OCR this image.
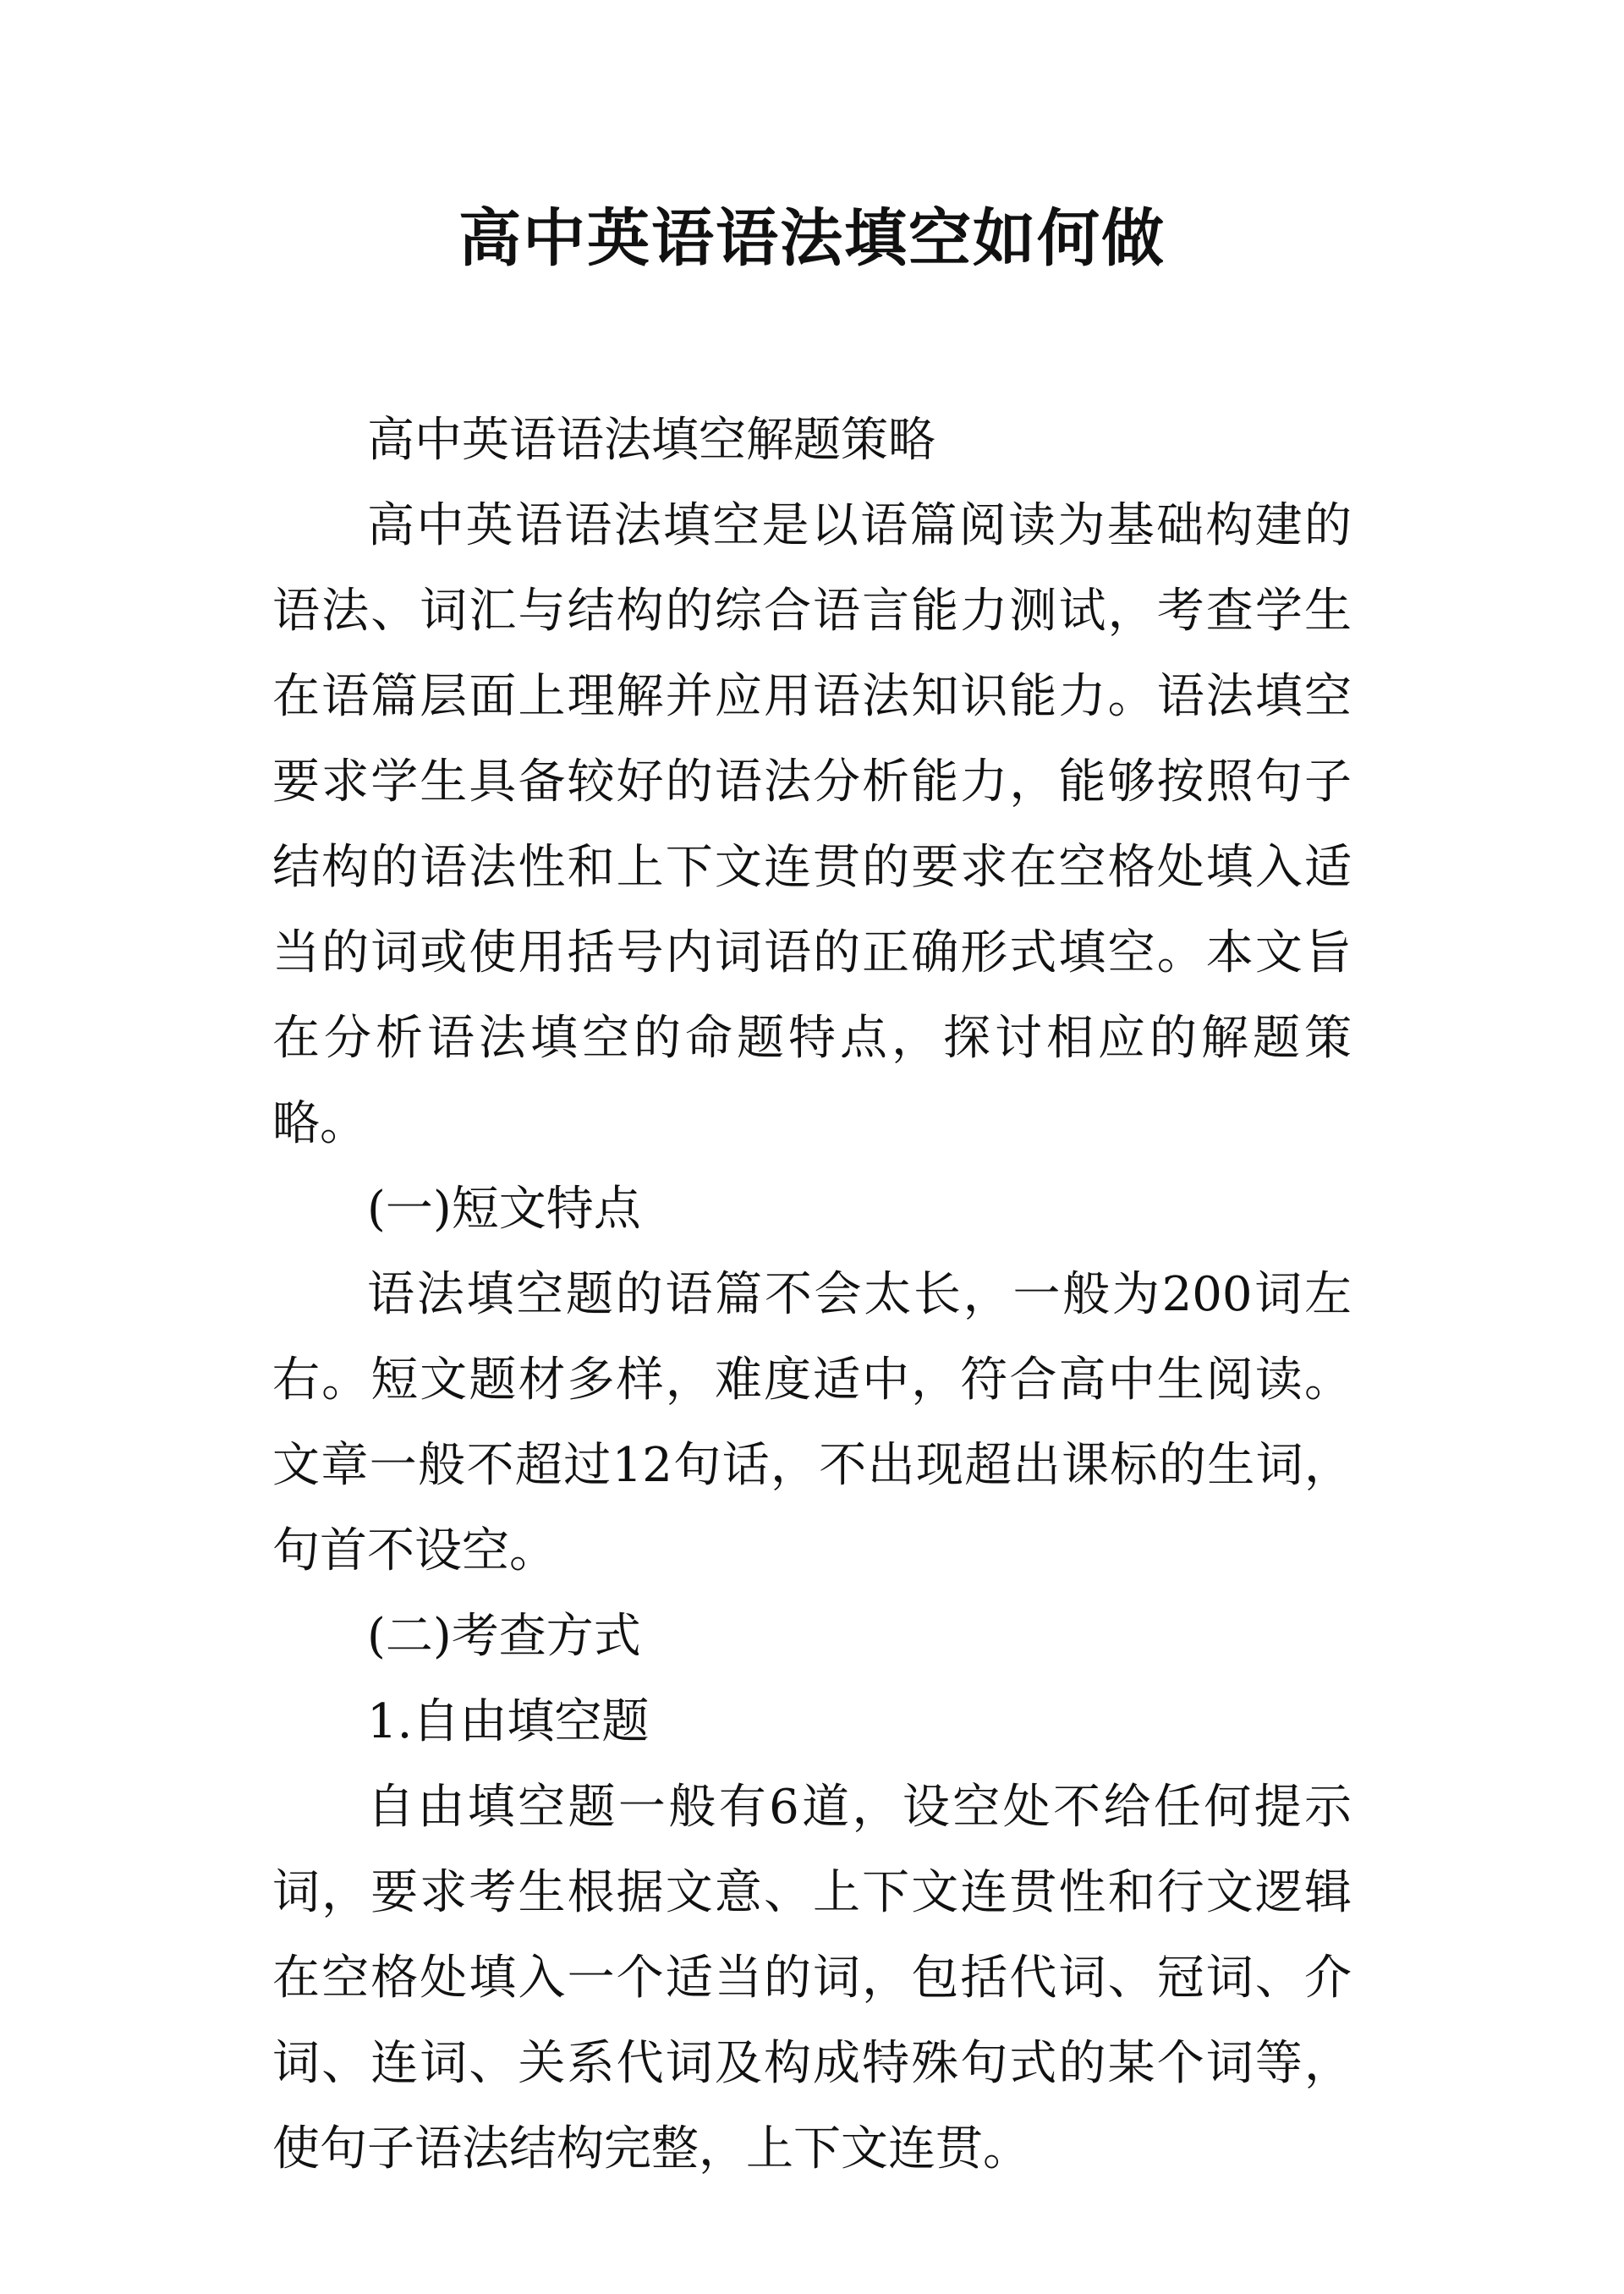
高中英语语法填空如何做

高中英语语法填空解题策略

高中英语语法填空是以语篇阅读为基础构建的语法、词汇与结构的综合语言能力测试，考查学生在语篇层面上理解并应用语法知识能力。语法填空要求学生具备较好的语法分析能力，能够按照句子结构的语法性和上下文连贯的要求在空格处填入适当的词或使用括号内词语的正确形式填空。本文旨在分析语法填空的命题特点，探讨相应的解题策略。

(一)短文特点

语法填空题的语篇不会太长，一般为200词左右。短文题材多样，难度适中，符合高中生阅读。文章一般不超过12句话，不出现超出课标的生词，句首不设空。

(二)考查方式

1.自由填空题

自由填空题一般有6道，设空处不给任何提示词，要求考生根据文意、上下文连贯性和行文逻辑在空格处填入一个适当的词，包括代词、冠词、介词、连词、关系代词及构成特殊句式的某个词等，使句子语法结构完整，上下文连贯。
